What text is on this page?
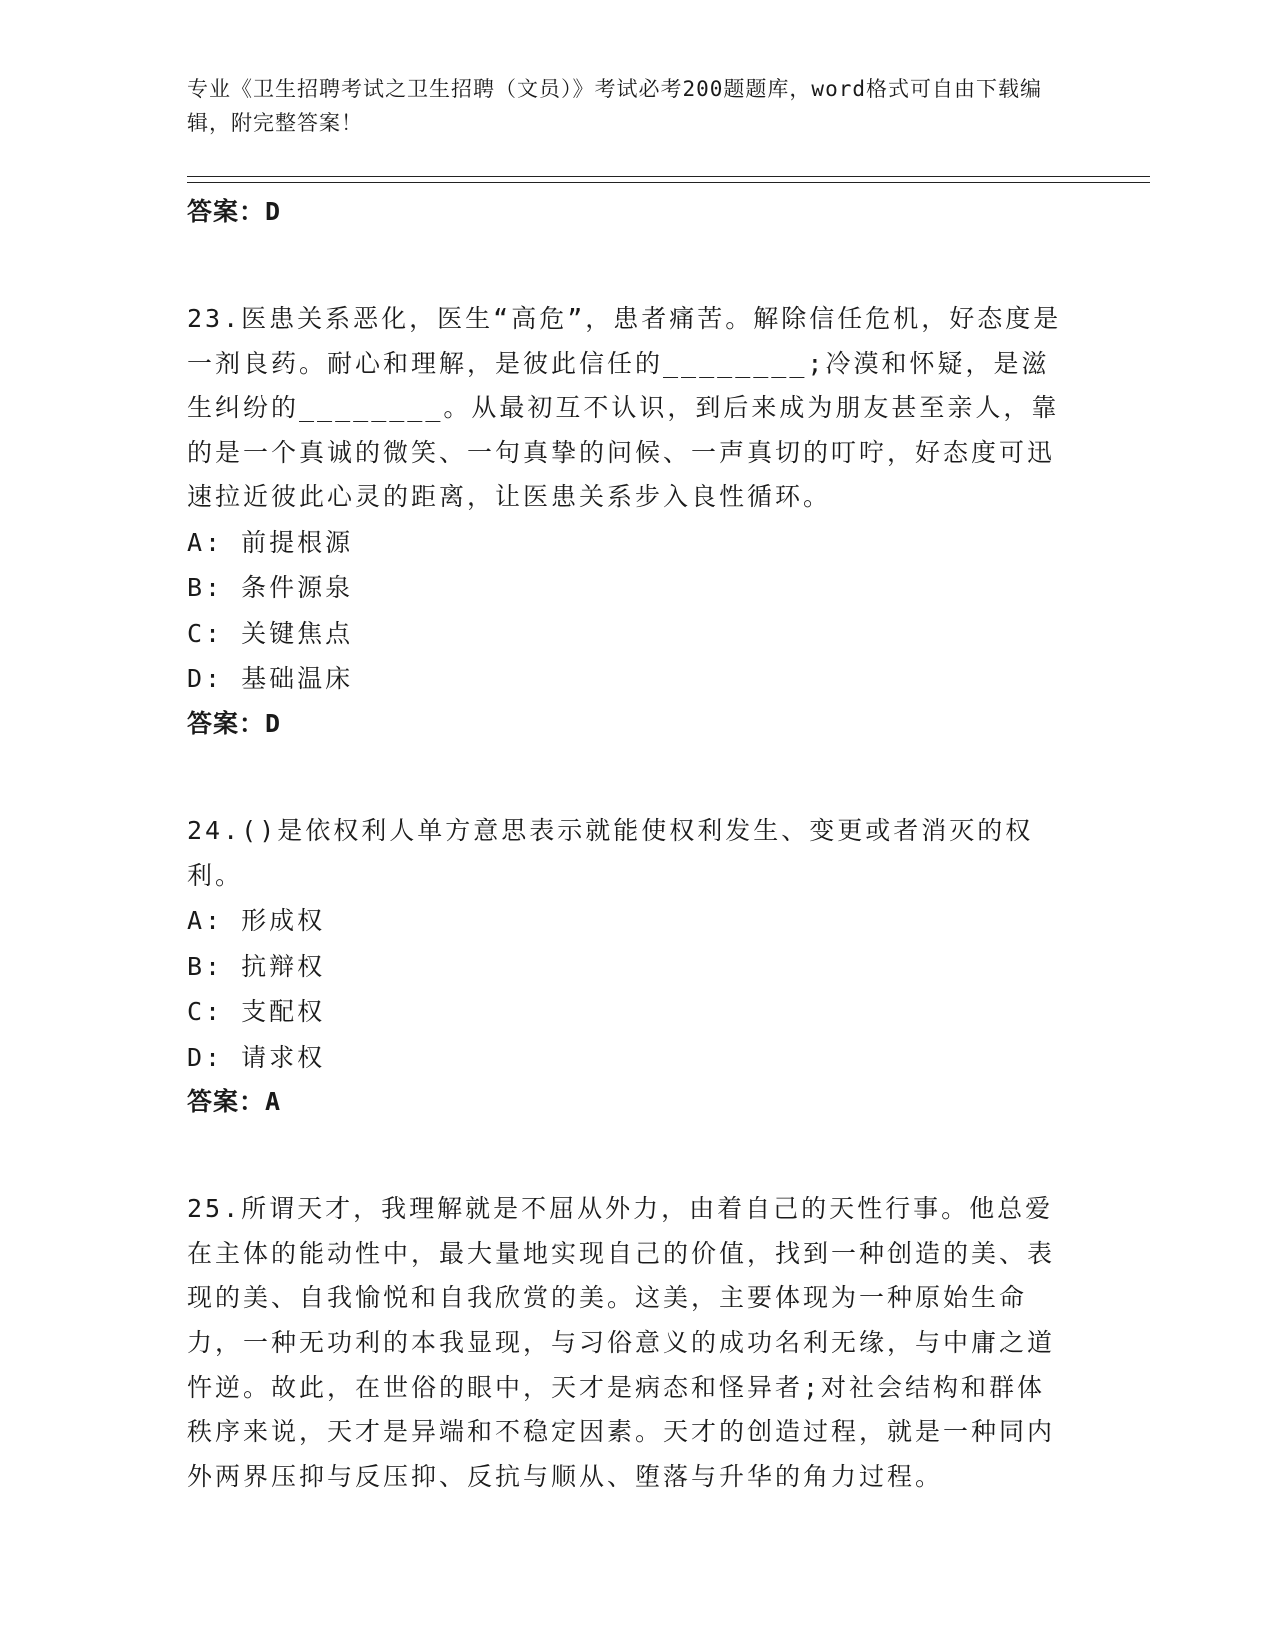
专业《卫生招聘考试之卫生招聘（文员）》考试必考200题题库，word格式可自由下载编辑，附完整答案！
答案：D
23.医患关系恶化，医生“高危”，患者痛苦。解除信任危机，好态度是一剂良药。耐心和理解，是彼此信任的________;冷漠和怀疑，是滋生纠纷的________。从最初互不认识，到后来成为朋友甚至亲人，靠的是一个真诚的微笑、一句真挚的问候、一声真切的叮咛，好态度可迅速拉近彼此心灵的距离，让医患关系步入良性循环。
A: 前提根源
B: 条件源泉
C: 关键焦点
D: 基础温床
答案：D
24.()是依权利人单方意思表示就能使权利发生、变更或者消灭的权利。
A: 形成权
B: 抗辩权
C: 支配权
D: 请求权
答案：A
25.所谓天才，我理解就是不屈从外力，由着自己的天性行事。他总爱在主体的能动性中，最大量地实现自己的价值，找到一种创造的美、表现的美、自我愉悦和自我欣赏的美。这美，主要体现为一种原始生命力，一种无功利的本我显现，与习俗意义的成功名利无缘，与中庸之道忤逆。故此，在世俗的眼中，天才是病态和怪异者;对社会结构和群体秩序来说，天才是异端和不稳定因素。天才的创造过程，就是一种同内外两界压抑与反压抑、反抗与顺从、堕落与升华的角力过程。
